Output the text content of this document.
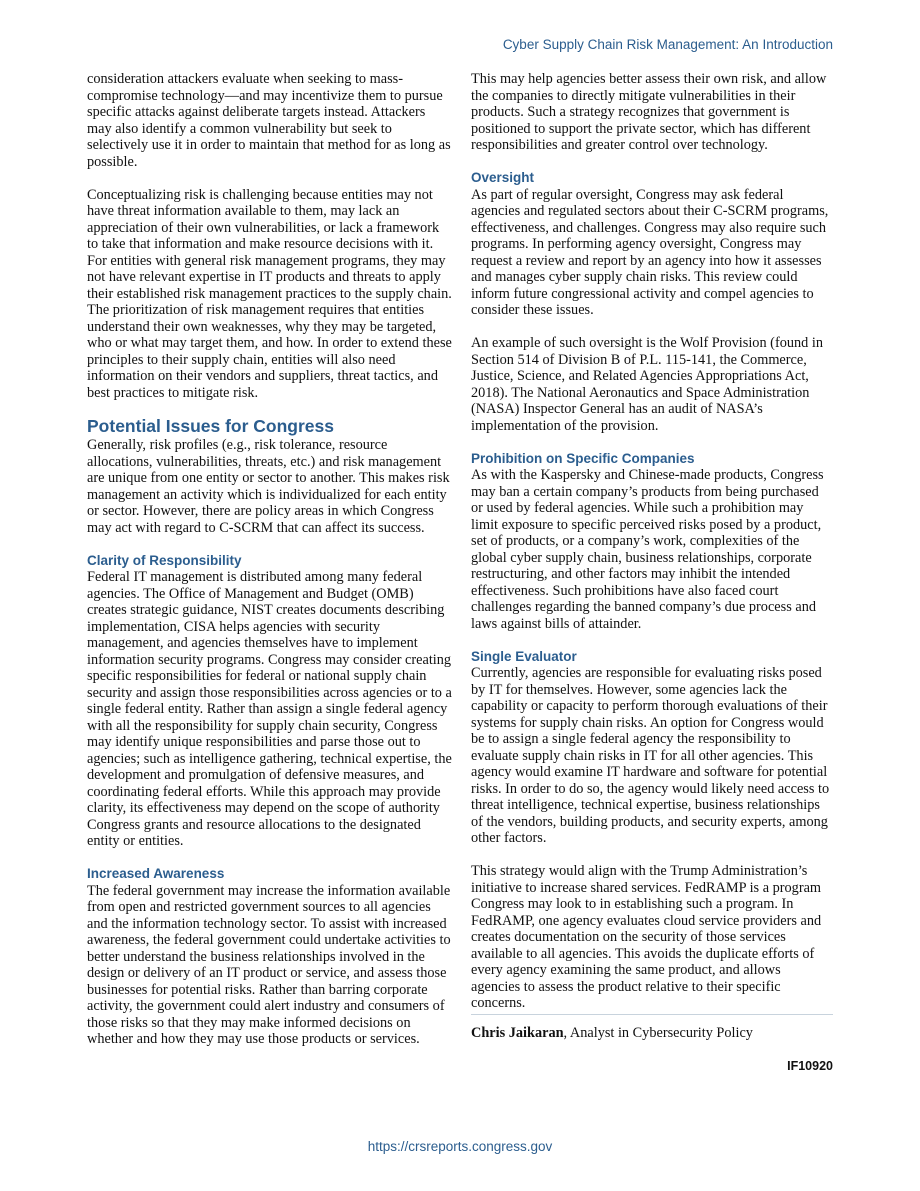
Cyber Supply Chain Risk Management: An Introduction

consideration attackers evaluate when seeking to mass-compromise technology—and may incentivize them to pursue specific attacks against deliberate targets instead. Attackers may also identify a common vulnerability but seek to selectively use it in order to maintain that method for as long as possible.

Conceptualizing risk is challenging because entities may not have threat information available to them, may lack an appreciation of their own vulnerabilities, or lack a framework to take that information and make resource decisions with it. For entities with general risk management programs, they may not have relevant expertise in IT products and threats to apply their established risk management practices to the supply chain. The prioritization of risk management requires that entities understand their own weaknesses, why they may be targeted, who or what may target them, and how. In order to extend these principles to their supply chain, entities will also need information on their vendors and suppliers, threat tactics, and best practices to mitigate risk.

Potential Issues for Congress

Generally, risk profiles (e.g., risk tolerance, resource allocations, vulnerabilities, threats, etc.) and risk management are unique from one entity or sector to another. This makes risk management an activity which is individualized for each entity or sector. However, there are policy areas in which Congress may act with regard to C-SCRM that can affect its success.

Clarity of Responsibility

Federal IT management is distributed among many federal agencies. The Office of Management and Budget (OMB) creates strategic guidance, NIST creates documents describing implementation, CISA helps agencies with security management, and agencies themselves have to implement information security programs. Congress may consider creating specific responsibilities for federal or national supply chain security and assign those responsibilities across agencies or to a single federal entity. Rather than assign a single federal agency with all the responsibility for supply chain security, Congress may identify unique responsibilities and parse those out to agencies; such as intelligence gathering, technical expertise, the development and promulgation of defensive measures, and coordinating federal efforts. While this approach may provide clarity, its effectiveness may depend on the scope of authority Congress grants and resource allocations to the designated entity or entities.

Increased Awareness

The federal government may increase the information available from open and restricted government sources to all agencies and the information technology sector. To assist with increased awareness, the federal government could undertake activities to better understand the business relationships involved in the design or delivery of an IT product or service, and assess those businesses for potential risks. Rather than barring corporate activity, the government could alert industry and consumers of those risks so that they may make informed decisions on whether and how they may use those products or services.

This may help agencies better assess their own risk, and allow the companies to directly mitigate vulnerabilities in their products. Such a strategy recognizes that government is positioned to support the private sector, which has different responsibilities and greater control over technology.

Oversight

As part of regular oversight, Congress may ask federal agencies and regulated sectors about their C-SCRM programs, effectiveness, and challenges. Congress may also require such programs. In performing agency oversight, Congress may request a review and report by an agency into how it assesses and manages cyber supply chain risks. This review could inform future congressional activity and compel agencies to consider these issues.

An example of such oversight is the Wolf Provision (found in Section 514 of Division B of P.L. 115-141, the Commerce, Justice, Science, and Related Agencies Appropriations Act, 2018). The National Aeronautics and Space Administration (NASA) Inspector General has an audit of NASA’s implementation of the provision.

Prohibition on Specific Companies

As with the Kaspersky and Chinese-made products, Congress may ban a certain company’s products from being purchased or used by federal agencies. While such a prohibition may limit exposure to specific perceived risks posed by a product, set of products, or a company’s work, complexities of the global cyber supply chain, business relationships, corporate restructuring, and other factors may inhibit the intended effectiveness. Such prohibitions have also faced court challenges regarding the banned company’s due process and laws against bills of attainder.

Single Evaluator

Currently, agencies are responsible for evaluating risks posed by IT for themselves. However, some agencies lack the capability or capacity to perform thorough evaluations of their systems for supply chain risks. An option for Congress would be to assign a single federal agency the responsibility to evaluate supply chain risks in IT for all other agencies. This agency would examine IT hardware and software for potential risks. In order to do so, the agency would likely need access to threat intelligence, technical expertise, business relationships of the vendors, building products, and security experts, among other factors.

This strategy would align with the Trump Administration’s initiative to increase shared services. FedRAMP is a program Congress may look to in establishing such a program. In FedRAMP, one agency evaluates cloud service providers and creates documentation on the security of those services available to all agencies. This avoids the duplicate efforts of every agency examining the same product, and allows agencies to assess the product relative to their specific concerns.

Chris Jaikaran, Analyst in Cybersecurity Policy

IF10920
https://crsreports.congress.gov
